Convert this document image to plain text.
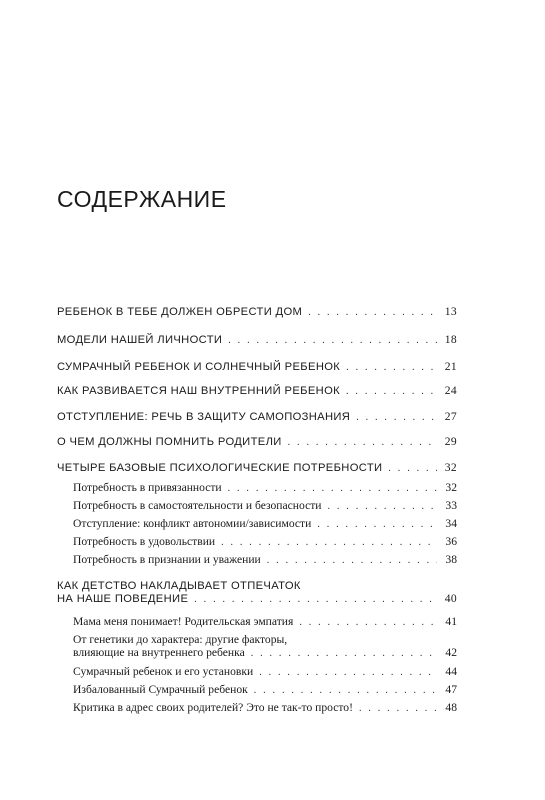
СОДЕРЖАНИЕ
РЕБЕНОК В ТЕБЕ ДОЛЖЕН ОБРЕСТИ ДОМ . . .	13
МОДЕЛИ НАШЕЙ ЛИЧНОСТИ . . .	18
СУМРАЧНЫЙ РЕБЕНОК И СОЛНЕЧНЫЙ РЕБЕНОК . . .	21
КАК РАЗВИВАЕТСЯ НАШ ВНУТРЕННИЙ РЕБЕНОК . . .	24
ОТСТУПЛЕНИЕ: РЕЧЬ В ЗАЩИТУ САМОПОЗНАНИЯ . . .	27
О ЧЕМ ДОЛЖНЫ ПОМНИТЬ РОДИТЕЛИ . . .	29
ЧЕТЫРЕ БАЗОВЫЕ ПСИХОЛОГИЧЕСКИЕ ПОТРЕБНОСТИ . . .	32
Потребность в привязанности . . .	32
Потребность в самостоятельности и безопасности . . .	33
Отступление: конфликт автономии/зависимости . . .	34
Потребность в удовольствии . . .	36
Потребность в признании и уважении . . .	38
КАК ДЕТСТВО НАКЛАДЫВАЕТ ОТПЕЧАТОК
НА НАШЕ ПОВЕДЕНИЕ . . .	40
Мама меня понимает! Родительская эмпатия . . .	41
От генетики до характера: другие факторы,
влияющие на внутреннего ребенка . . .	42
Сумрачный ребенок и его установки . . .	44
Избалованный Сумрачный ребенок . . .	47
Критика в адрес своих родителей? Это не так-то просто! . . .	48
